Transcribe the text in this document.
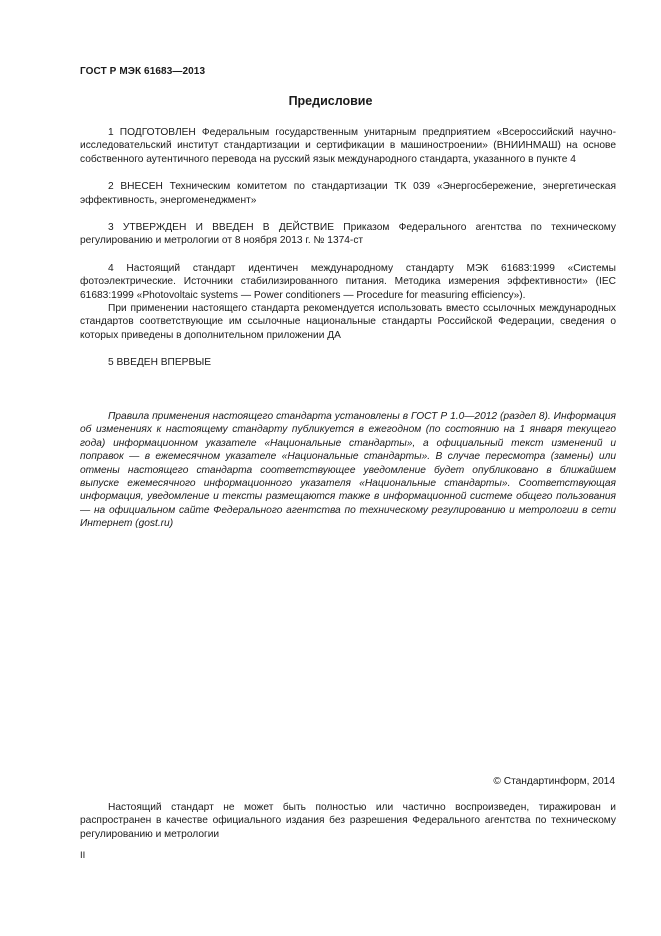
ГОСТ Р МЭК 61683—2013
Предисловие

1 ПОДГОТОВЛЕН Федеральным государственным унитарным предприятием «Всероссийский научно-исследовательский институт стандартизации и сертификации в машиностроении» (ВНИИНМАШ) на основе собственного аутентичного перевода на русский язык международного стандарта, указанного в пункте 4

2 ВНЕСЕН Техническим комитетом по стандартизации ТК 039 «Энергосбережение, энергетическая эффективность, энергоменеджмент»

3 УТВЕРЖДЕН И ВВЕДЕН В ДЕЙСТВИЕ Приказом Федерального агентства по техническому регулированию и метрологии от 8 ноября 2013 г. № 1374-ст

4 Настоящий стандарт идентичен международному стандарту МЭК 61683:1999 «Системы фотоэлектрические. Источники стабилизированного питания. Методика измерения эффективности» (IEC 61683:1999 «Photovoltaic systems — Power conditioners — Procedure for measuring efficiency»).

При применении настоящего стандарта рекомендуется использовать вместо ссылочных международных стандартов соответствующие им ссылочные национальные стандарты Российской Федерации, сведения о которых приведены в дополнительном приложении ДА

5 ВВЕДЕН ВПЕРВЫЕ

Правила применения настоящего стандарта установлены в ГОСТ Р 1.0—2012 (раздел 8). Информация об изменениях к настоящему стандарту публикуется в ежегодном (по состоянию на 1 января текущего года) информационном указателе «Национальные стандарты», а официальный текст изменений и поправок — в ежемесячном указателе «Национальные стандарты». В случае пересмотра (замены) или отмены настоящего стандарта соответствующее уведомление будет опубликовано в ближайшем выпуске ежемесячного информационного указателя «Национальные стандарты». Соответствующая информация, уведомление и тексты размещаются также в информационной системе общего пользования — на официальном сайте Федерального агентства по техническому регулированию и метрологии в сети Интернет (gost.ru)

© Стандартинформ, 2014

Настоящий стандарт не может быть полностью или частично воспроизведен, тиражирован и распространен в качестве официального издания без разрешения Федерального агентства по техническому регулированию и метрологии

II
